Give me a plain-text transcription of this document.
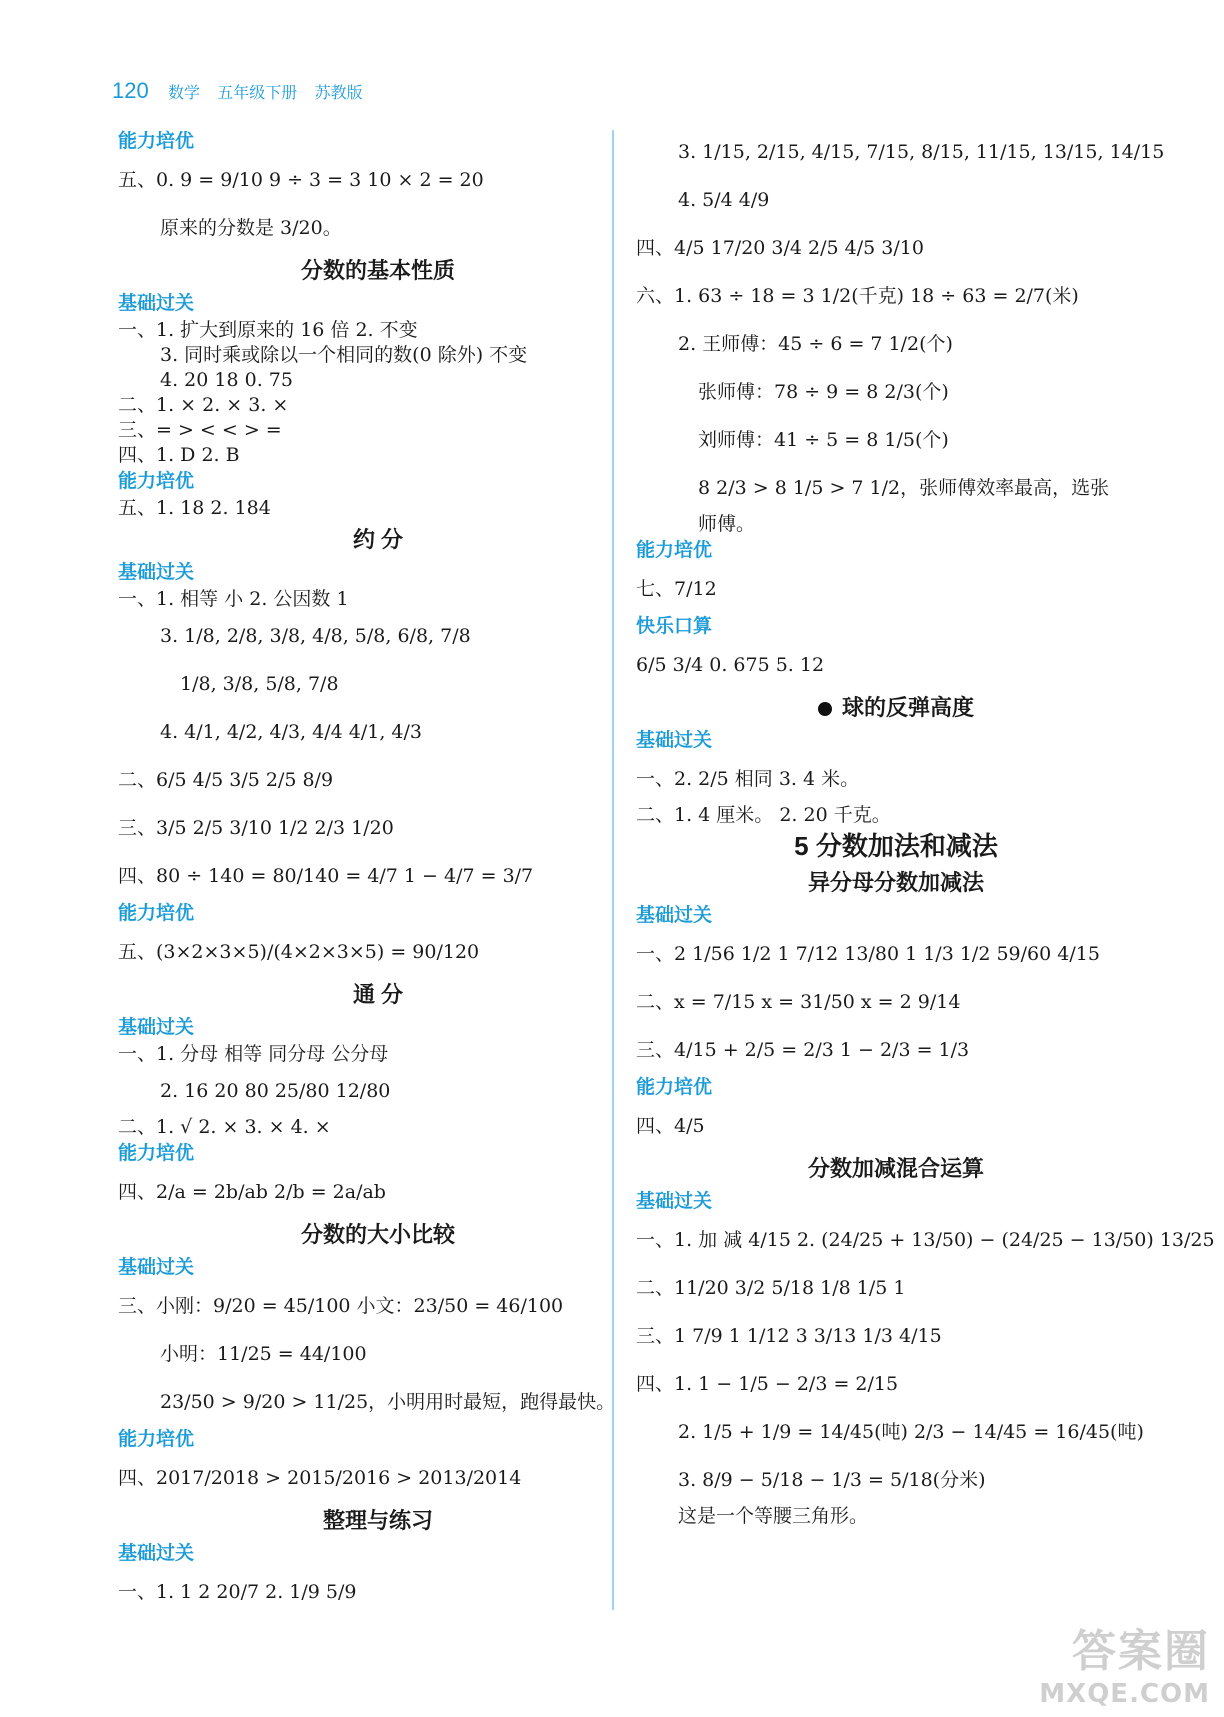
120 数学 五年级下册 苏教版
能力培优
五、0. 9 = 9/10 9 ÷ 3 = 3 10 × 2 = 20
原来的分数是 3/20。
分数的基本性质
基础过关
一、1. 扩大到原来的 16 倍 2. 不变
3. 同时乘或除以一个相同的数(0 除外) 不变
4. 20 18 0. 75
二、1. × 2. × 3. ×
三、= > < < > =
四、1. D 2. B
能力培优
五、1. 18 2. 184
约 分
基础过关
一、1. 相等 小 2. 公因数 1
3. 1/8, 2/8, 3/8, 4/8, 5/8, 6/8, 7/8
1/8, 3/8, 5/8, 7/8
4. 4/1, 4/2, 4/3, 4/4 4/1, 4/3
二、6/5 4/5 3/5 2/5 8/9
三、3/5 2/5 3/10 1/2 2/3 1/20
四、80 ÷ 140 = 80/140 = 4/7 1 − 4/7 = 3/7
能力培优
五、(3×2×3×5)/(4×2×3×5) = 90/120
通 分
基础过关
一、1. 分母 相等 同分母 公分母
2. 16 20 80 25/80 12/80
二、1. √ 2. × 3. × 4. ×
能力培优
四、2/a = 2b/ab 2/b = 2a/ab
分数的大小比较
基础过关
三、小刚：9/20 = 45/100 小文：23/50 = 46/100
小明：11/25 = 44/100
23/50 > 9/20 > 11/25，小明用时最短，跑得最快。
能力培优
四、2017/2018 > 2015/2016 > 2013/2014
整理与练习
基础过关
一、1. 1 2 20/7 2. 1/9 5/9
3. 1/15, 2/15, 4/15, 7/15, 8/15, 11/15, 13/15, 14/15
4. 5/4 4/9
四、4/5 17/20 3/4 2/5 4/5 3/10
六、1. 63 ÷ 18 = 3 1/2(千克) 18 ÷ 63 = 2/7(米)
2. 王师傅：45 ÷ 6 = 7 1/2(个)
张师傅：78 ÷ 9 = 8 2/3(个)
刘师傅：41 ÷ 5 = 8 1/5(个)
8 2/3 > 8 1/5 > 7 1/2，张师傅效率最高，选张
师傅。
能力培优
七、7/12
快乐口算
6/5 3/4 0. 675 5. 12
球的反弹高度
基础过关
一、2. 2/5 相同 3. 4 米。
二、1. 4 厘米。 2. 20 千克。
5 分数加法和减法
异分母分数加减法
基础过关
一、2 1/56 1/2 1 7/12 13/80 1 1/3 1/2 59/60 4/15
二、x = 7/15 x = 31/50 x = 2 9/14
三、4/15 + 2/5 = 2/3 1 − 2/3 = 1/3
能力培优
四、4/5
分数加减混合运算
基础过关
一、1. 加 减 4/15 2. (24/25 + 13/50) − (24/25 − 13/50) 13/25
二、11/20 3/2 5/18 1/8 1/5 1
三、1 7/9 1 1/12 3 3/13 1/3 4/15
四、1. 1 − 1/5 − 2/3 = 2/15
2. 1/5 + 1/9 = 14/45(吨) 2/3 − 14/45 = 16/45(吨)
3. 8/9 − 5/18 − 1/3 = 5/18(分米)
这是一个等腰三角形。
答案圈
MXQE.COM
